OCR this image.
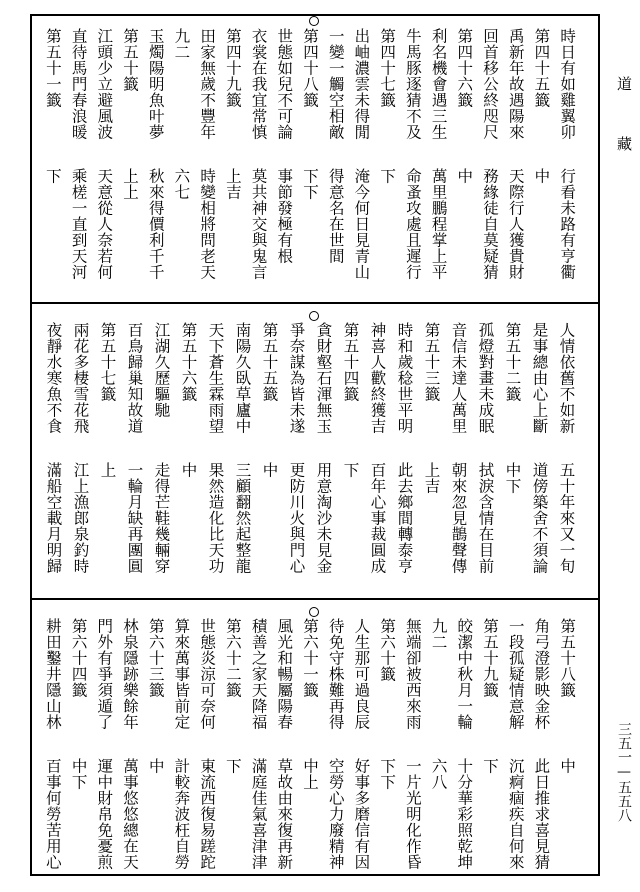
道
藏
三五一—五五八
時日有如雞翼卯
行看未路有亨衢
第四十五籤
中
禹新年故遇陽來
天際行人獲貴財
回首移公終咫尺
務緣徒自莫疑猜
第四十六籤
中
利名機會遇三生
萬里鵬程掌上平
牛馬豚逐猜不及
命蚤攻處且遲行
第四十七籤
下
出岫濃雲未得閒
淹今何日見青山
一變一觸空相敵
得意名在世間
第四十八籤
下下
世態如兒不可論
事節發極有根
衣裳在我宜常慎
莫共神交與鬼言
第四十九籤
上吉
田家無歲不豐年
時變相將問老天
九二
六七
玉燭陽明魚叶夢
秋來得價利千千
第五十籤
上上
江頭少立避風波
天意從人奈若何
直待馬門春浪暖
乘槎一直到天河
第五十一籤
下
人情依舊不如新
五十年來又一旬
是事總由心上斷
道傍築舍不須論
第五十二籤
中下
孤燈對畫未成眠
拭淚含情在目前
音信未達人萬里
朝來忽見鵲聲傳
第五十三籤
上吉
時和歲稔世平明
此去鄉間轉泰亨
神喜人歡終獲吉
百年心事裁圓成
第五十四籤
下
貪財壑石渾無玉
用意淘沙未見金
爭奈謀為皆未遂
更防川火與門心
第五十五籤
中
南陽久臥草廬中
三顧翻然起整龍
天下蒼生霖雨望
果然造化比天功
第五十六籤
中
江湖久歷驅馳
走得芒鞋幾輛穿
百鳥歸巢知故道
一輪月缺再團圓
第五十七籤
上
兩花多棲雪花飛
江上漁郎泉釣時
夜靜水寒魚不食
滿船空載月明歸
第五十八籤
中
角弓澄影映金杯
此日推求喜見猜
一段孤疑情意解
沉痾痼疾自何來
第五十九籤
下
皎潔中秋月一輪
十分華彩照乾坤
九二
六八
無端卻被西來雨
一片光明化作昏
第六十籤
下下
人生那可過良辰
好事多磨信有因
待免守株難再得
空勞心力廢精神
第六十一籤
中上
風光和暢屬陽春
草故由來復再新
積善之家天降福
滿庭佳氣喜津津
第六十二籤
下
世態炎涼可奈何
東流西復易蹉跎
算來萬事皆前定
計較奔波枉自勞
第六十三籤
中
林泉隱跡樂餘年
萬事悠悠總在天
門外有爭須遁了
運中財帛免憂煎
第六十四籤
中下
耕田鑿井隱山林
百事何勞苦用心
